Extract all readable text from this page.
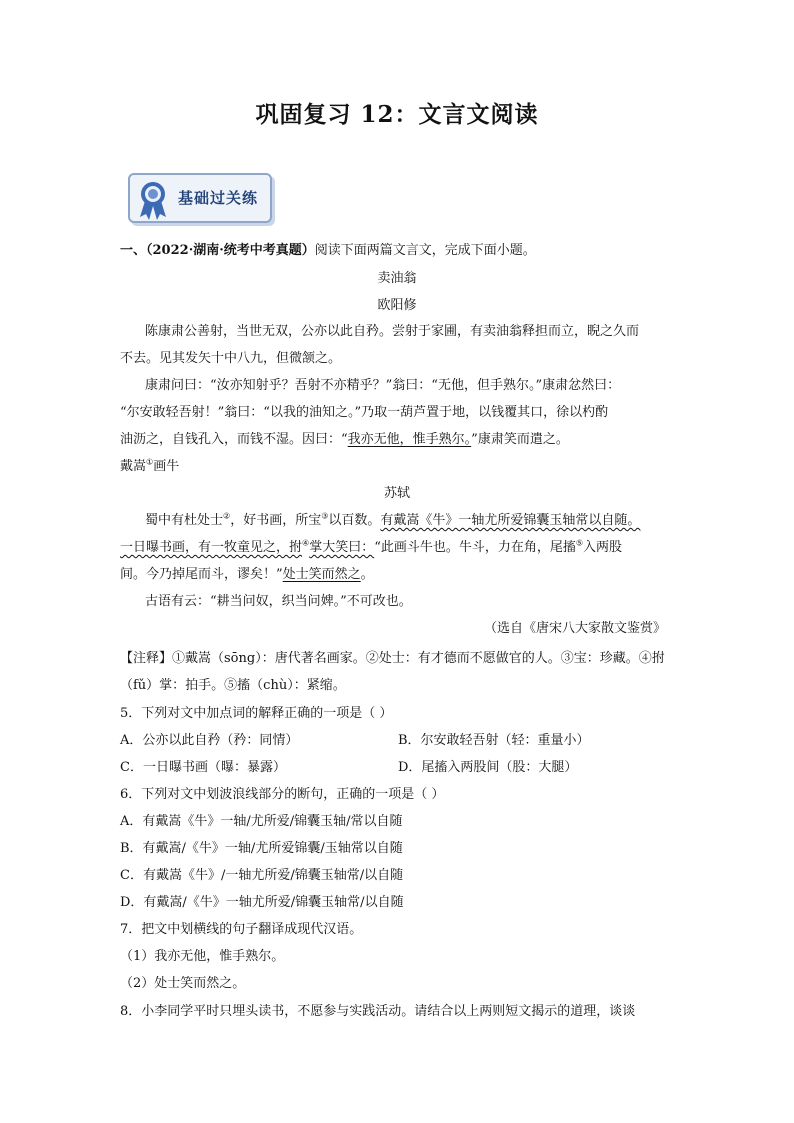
巩固复习 12：文言文阅读
基础过关练
一、（2022·湖南·统考中考真题）阅读下面两篇文言文，完成下面小题。
卖油翁
欧阳修
陈康肃公善射，当世无双，公亦以此自矜。尝射于家圃，有卖油翁释担而立，睨之久而
不去。见其发矢十中八九，但微颔之。
康肃问曰：“汝亦知射乎？吾射不亦精乎？”翁曰：“无他，但手熟尔。”康肃忿然曰：
“尔安敢轻吾射！”翁曰：“以我的油知之。”乃取一葫芦置于地，以钱覆其口，徐以杓酌
油沥之，自钱孔入，而钱不湿。因曰：“我亦无他，惟手熟尔。”康肃笑而遣之。
戴嵩①画牛
苏轼
蜀中有杜处士②，好书画，所宝③以百数。有戴嵩《牛》一轴尤所爱锦囊玉轴常以自随。
一日曝书画，有一牧童见之，拊④掌大笑曰：“此画斗牛也。牛斗，力在角，尾搐⑤入两股
间。今乃掉尾而斗，谬矣！”处士笑而然之。
古语有云：“耕当问奴，织当问婢。”不可改也。
（选自《唐宋八大家散文鉴赏》
【注释】①戴嵩（sōng）：唐代著名画家。②处士：有才德而不愿做官的人。③宝：珍藏。④拊
（fǔ）掌：拍手。⑤搐（chù）：紧缩。
5．下列对文中加点词的解释正确的一项是（ ）
A．公亦以此自矜（矜：同情）	B．尔安敢轻吾射（轻：重量小）
C．一日曝书画（曝：暴露）	D．尾搐入两股间（股：大腿）
6．下列对文中划波浪线部分的断句，正确的一项是（ ）
A．有戴嵩《牛》一轴/尤所爱/锦囊玉轴/常以自随
B．有戴嵩/《牛》一轴/尤所爱锦囊/玉轴常以自随
C．有戴嵩《牛》/一轴尤所爱/锦囊玉轴常/以自随
D．有戴嵩/《牛》一轴尤所爱/锦囊玉轴常/以自随
7．把文中划横线的句子翻译成现代汉语。
（1）我亦无他，惟手熟尔。
（2）处士笑而然之。
8．小李同学平时只埋头读书，不愿参与实践活动。请结合以上两则短文揭示的道理，谈谈
